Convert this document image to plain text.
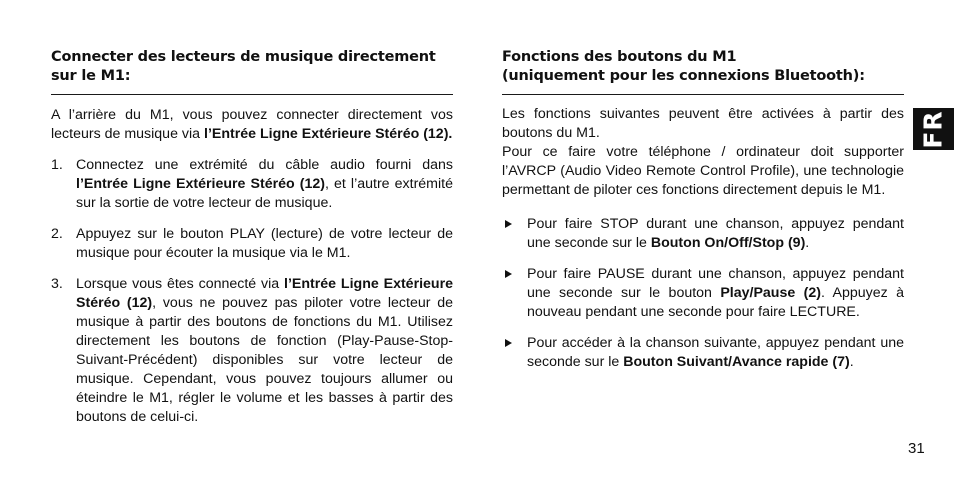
Connecter des lecteurs de musique directement sur le M1:

A l’arrière du M1, vous pouvez connecter directement vos lecteurs de musique via l’Entrée Ligne Extérieure Stéréo (12).

1. Connectez une extrémité du câble audio fourni dans l’Entrée Ligne Extérieure Stéréo (12), et l’autre extrémité sur la sortie de votre lecteur de musique.
2. Appuyez sur le bouton PLAY (lecture) de votre lecteur de musique pour écouter la musique via le M1.
3. Lorsque vous êtes connecté via l’Entrée Ligne Extérieure Stéréo (12), vous ne pouvez pas piloter votre lecteur de musique à partir des boutons de fonctions du M1. Utilisez directement les boutons de fonction (Play-Pause-Stop-Suivant-Précédent) disponibles sur votre lecteur de musique. Cependant, vous pouvez toujours allumer ou éteindre le M1, régler le volume et les basses à partir des boutons de celui-ci.
Fonctions des boutons du M1
(uniquement pour les connexions Bluetooth):

Les fonctions suivantes peuvent être activées à partir des boutons du M1.

Pour ce faire votre téléphone / ordinateur doit supporter l’AVRCP (Audio Video Remote Control Profile), une technologie permettant de piloter ces fonctions directement depuis le M1.

Pour faire STOP durant une chanson, appuyez pendant une seconde sur le Bouton On/Off/Stop (9).
Pour faire PAUSE durant une chanson, appuyez pendant une seconde sur le bouton Play/Pause (2). Appuyez à nouveau pendant une seconde pour faire LECTURE.
Pour accéder à la chanson suivante, appuyez pendant une seconde sur le Bouton Suivant/Avance rapide (7).
FR
31
